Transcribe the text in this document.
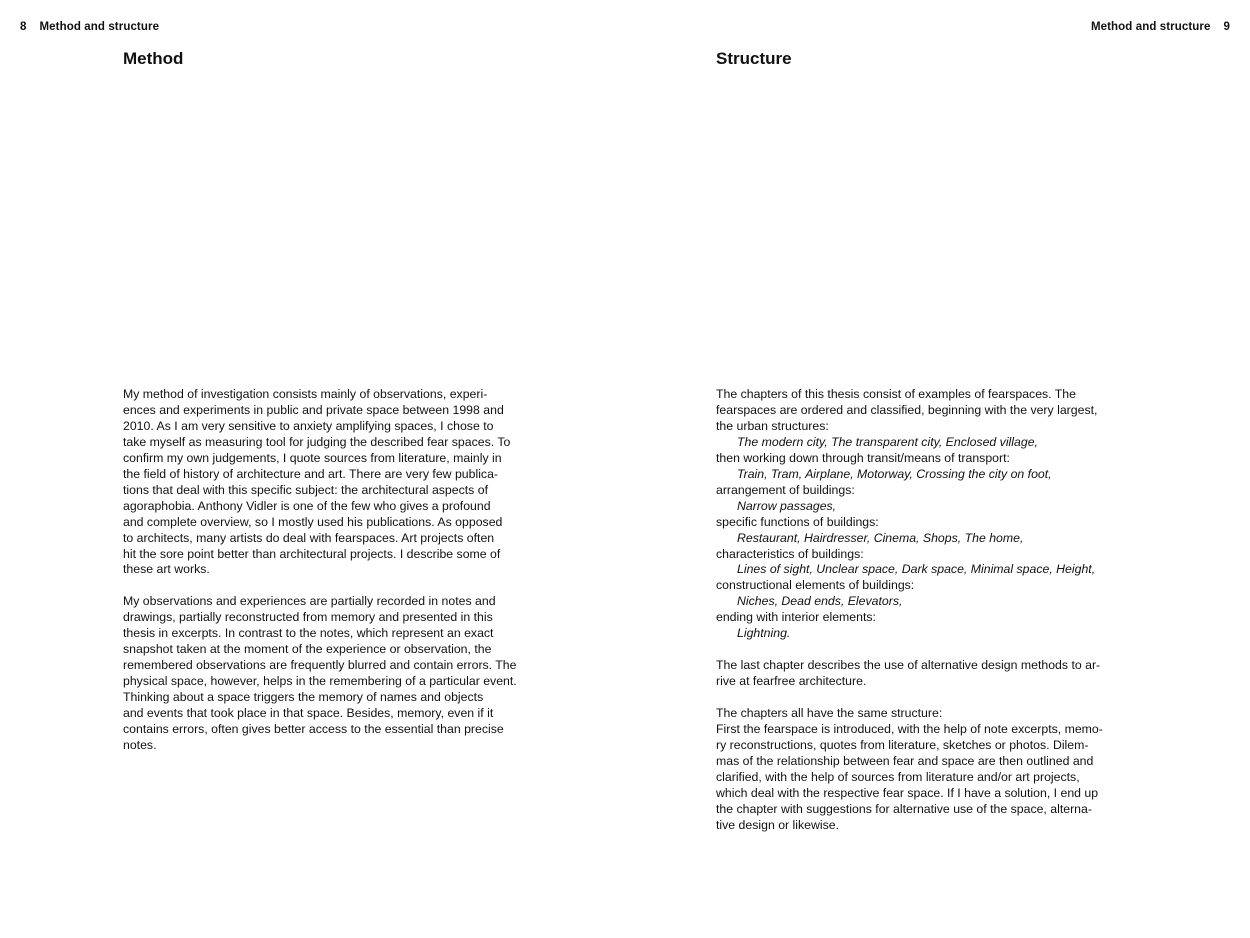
8 Method and structure	Method and structure 9
Method	Structure
My method of investigation consists mainly of observations, experi-
ences and experiments in public and private space between 1998 and
2010. As I am very sensitive to anxiety amplifying spaces, I chose to
take myself as measuring tool for judging the described fear spaces. To
confirm my own judgements, I quote sources from literature, mainly in
the field of history of architecture and art. There are very few publica-
tions that deal with this specific subject: the architectural aspects of
agoraphobia. Anthony Vidler is one of the few who gives a profound
and complete overview, so I mostly used his publications. As opposed
to architects, many artists do deal with fearspaces. Art projects often
hit the sore point better than architectural projects. I describe some of
these art works.
My observations and experiences are partially recorded in notes and
drawings, partially reconstructed from memory and presented in this
thesis in excerpts. In contrast to the notes, which represent an exact
snapshot taken at the moment of the experience or observation, the
remembered observations are frequently blurred and contain errors. The
physical space, however, helps in the remembering of a particular event.
Thinking about a space triggers the memory of names and objects
and events that took place in that space. Besides, memory, even if it
contains errors, often gives better access to the essential than precise
notes.
The chapters of this thesis consist of examples of fearspaces. The
fearspaces are ordered and classified, beginning with the very largest,
the urban structures:
The modern city, The transparent city, Enclosed village,
then working down through transit/means of transport:
Train, Tram, Airplane, Motorway, Crossing the city on foot,
arrangement of buildings:
Narrow passages,
specific functions of buildings:
Restaurant, Hairdresser, Cinema, Shops, The home,
characteristics of buildings:
Lines of sight, Unclear space, Dark space, Minimal space, Height,
constructional elements of buildings:
Niches, Dead ends, Elevators,
ending with interior elements:
Lightning.
The last chapter describes the use of alternative design methods to ar-
rive at fearfree architecture.
The chapters all have the same structure:
First the fearspace is introduced, with the help of note excerpts, memo-
ry reconstructions, quotes from literature, sketches or photos. Dilem-
mas of the relationship between fear and space are then outlined and
clarified, with the help of sources from literature and/or art projects,
which deal with the respective fear space. If I have a solution, I end up
the chapter with suggestions for alternative use of the space, alterna-
tive design or likewise.
